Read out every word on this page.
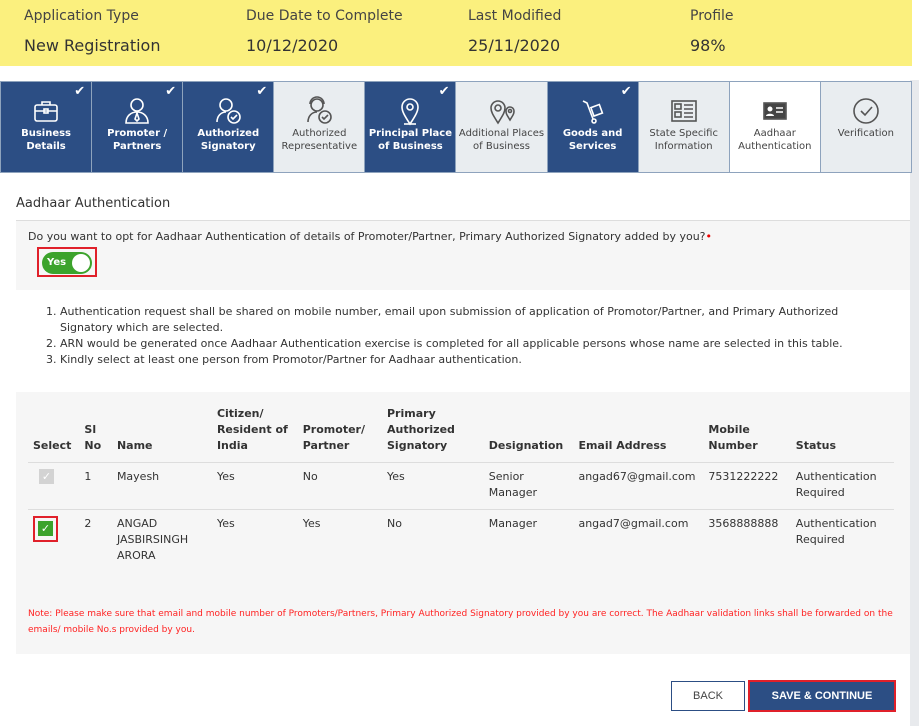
Application Type
New Registration
Due Date to Complete
10/12/2020
Last Modified
25/11/2020
Profile
98%
Business Details
✔
Promoter / Partners
✔
Authorized Signatory
✔
Authorized Representative
Principal Place of Business
✔
Additional Places of Business
Goods and Services
✔
State Specific Information
Aadhaar Authentication
Verification
Aadhaar Authentication
Do you want to opt for Aadhaar Authentication of details of Promoter/Partner, Primary Authorized Signatory added by you?•
Yes
1. Authentication request shall be shared on mobile number, email upon submission of application of Promotor/Partner, and Primary Authorized Signatory which are selected.
2. ARN would be generated once Aadhaar Authentication exercise is completed for all applicable persons whose name are selected in this table.
3. Kindly select at least one person from Promotor/Partner for Aadhaar authentication.
Select	Sl No	Name	Citizen/ Resident of India	Promoter/ Partner	Primary Authorized Signatory	Designation	Email Address	Mobile Number	Status
✓	1	Mayesh	Yes	No	Yes	Senior Manager	angad67@gmail.com	7531222222	Authentication Required
✓	2	ANGAD JASBIRSINGH ARORA	Yes	Yes	No	Manager	angad7@gmail.com	3568888888	Authentication Required
Note: Please make sure that email and mobile number of Promoters/Partners, Primary Authorized Signatory provided by you are correct. The Aadhaar validation links shall be forwarded on the emails/ mobile No.s provided by you.
BACK	SAVE & CONTINUE
